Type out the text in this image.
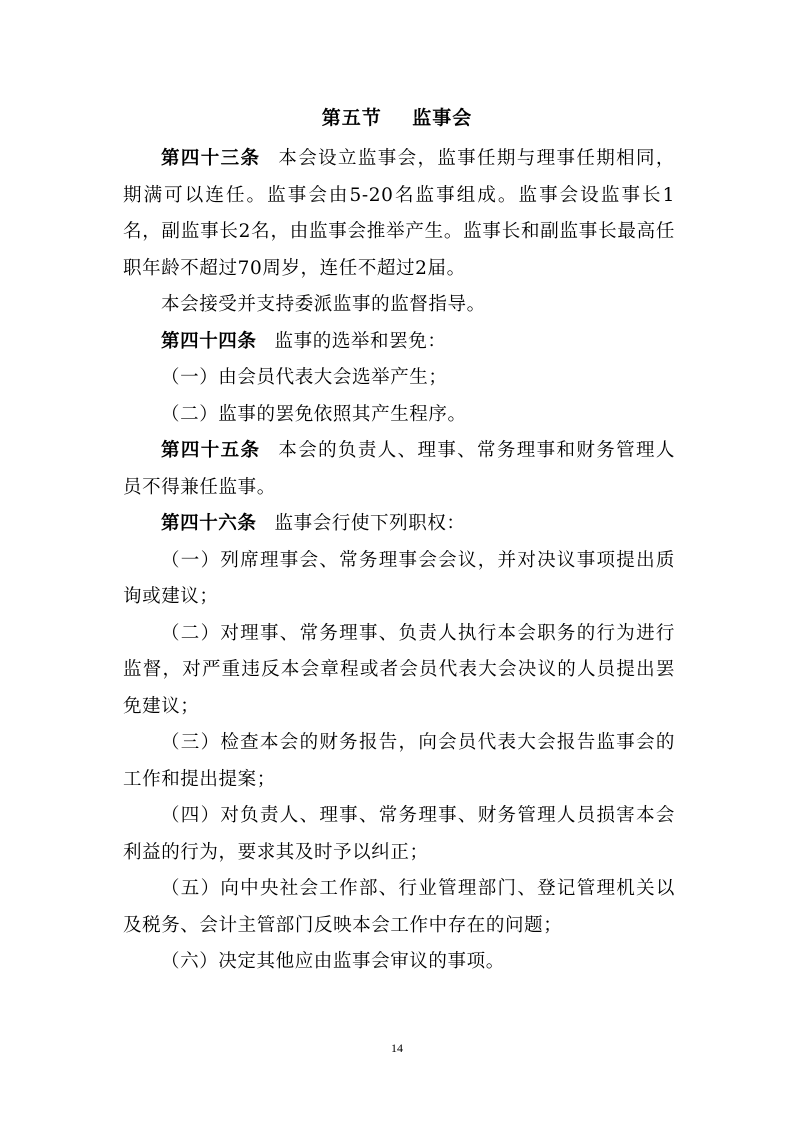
第五节    监事会

第四十三条 本会设立监事会，监事任期与理事任期相同，期满可以连任。监事会由5-20名监事组成。监事会设监事长1名，副监事长2名，由监事会推举产生。监事长和副监事长最高任职年龄不超过70周岁，连任不超过2届。

本会接受并支持委派监事的监督指导。

第四十四条 监事的选举和罢免：

（一）由会员代表大会选举产生；

（二）监事的罢免依照其产生程序。

第四十五条 本会的负责人、理事、常务理事和财务管理人员不得兼任监事。

第四十六条 监事会行使下列职权：

（一）列席理事会、常务理事会会议，并对决议事项提出质询或建议；

（二）对理事、常务理事、负责人执行本会职务的行为进行监督，对严重违反本会章程或者会员代表大会决议的人员提出罢免建议；

（三）检查本会的财务报告，向会员代表大会报告监事会的工作和提出提案；

（四）对负责人、理事、常务理事、财务管理人员损害本会利益的行为，要求其及时予以纠正；

（五）向中央社会工作部、行业管理部门、登记管理机关以及税务、会计主管部门反映本会工作中存在的问题；

（六）决定其他应由监事会审议的事项。

14
